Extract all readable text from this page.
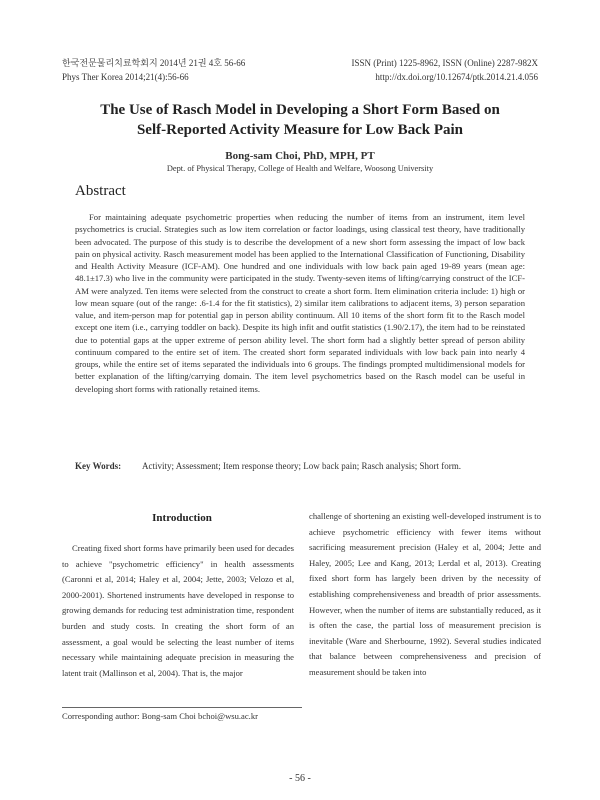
한국전문물리치료학회지 2014년 21권 4호 56-66
Phys Ther Korea 2014;21(4):56-66
ISSN (Print) 1225-8962, ISSN (Online) 2287-982X
http://dx.doi.org/10.12674/ptk.2014.21.4.056
The Use of Rasch Model in Developing a Short Form Based on
Self-Reported Activity Measure for Low Back Pain
Bong-sam Choi, PhD, MPH, PT
Dept. of Physical Therapy, College of Health and Welfare, Woosong University
Abstract

For maintaining adequate psychometric properties when reducing the number of items from an instrument, item level psychometrics is crucial. Strategies such as low item correlation or factor loadings, using classical test theory, have traditionally been advocated. The purpose of this study is to describe the development of a new short form assessing the impact of low back pain on physical activity. Rasch measurement model has been applied to the International Classification of Functioning, Disability and Health Activity Measure (ICF-AM). One hundred and one individuals with low back pain aged 19-89 years (mean age: 48.1±17.3) who live in the community were participated in the study. Twenty-seven items of lifting/carrying construct of the ICF-AM were analyzed. Ten items were selected from the construct to create a short form. Item elimination criteria include: 1) high or low mean square (out of the range: .6-1.4 for the fit statistics), 2) similar item calibrations to adjacent items, 3) person separation value, and item-person map for potential gap in person ability continuum. All 10 items of the short form fit to the Rasch model except one item (i.e., carrying toddler on back). Despite its high infit and outfit statistics (1.90/2.17), the item had to be reinstated due to potential gaps at the upper extreme of person ability level. The short form had a slightly better spread of person ability continuum compared to the entire set of item. The created short form separated individuals with low back pain into nearly 4 groups, while the entire set of items separated the individuals into 6 groups. The findings prompted multidimensional models for better explanation of the lifting/carrying domain. The item level psychometrics based on the Rasch model can be useful in developing short forms with rationally retained items.

Key Words:	Activity; Assessment; Item response theory; Low back pain; Rasch analysis; Short form.
Introduction

Creating fixed short forms have primarily been used for decades to achieve "psychometric efficiency" in health assessments (Caronni et al, 2014; Haley et al, 2004; Jette, 2003; Velozo et al, 2000-2001). Shortened instruments have developed in response to growing demands for reducing test administration time, respondent burden and study costs. In creating the short form of an assessment, a goal would be selecting the least number of items necessary while maintaining adequate precision in measuring the latent trait (Mallinson et al, 2004). That is, the major

challenge of shortening an existing well-developed instrument is to achieve psychometric efficiency with fewer items without sacrificing measurement precision (Haley et al, 2004; Jette and Haley, 2005; Lee and Kang, 2013; Lerdal et al, 2013). Creating fixed short form has largely been driven by the necessity of establishing comprehensiveness and breadth of prior assessments. However, when the number of items are substantially reduced, as it is often the case, the partial loss of measurement precision is inevitable (Ware and Sherbourne, 1992). Several studies indicated that balance between comprehensiveness and precision of measurement should be taken into

Corresponding author: Bong-sam Choi bchoi@wsu.ac.kr
- 56 -
